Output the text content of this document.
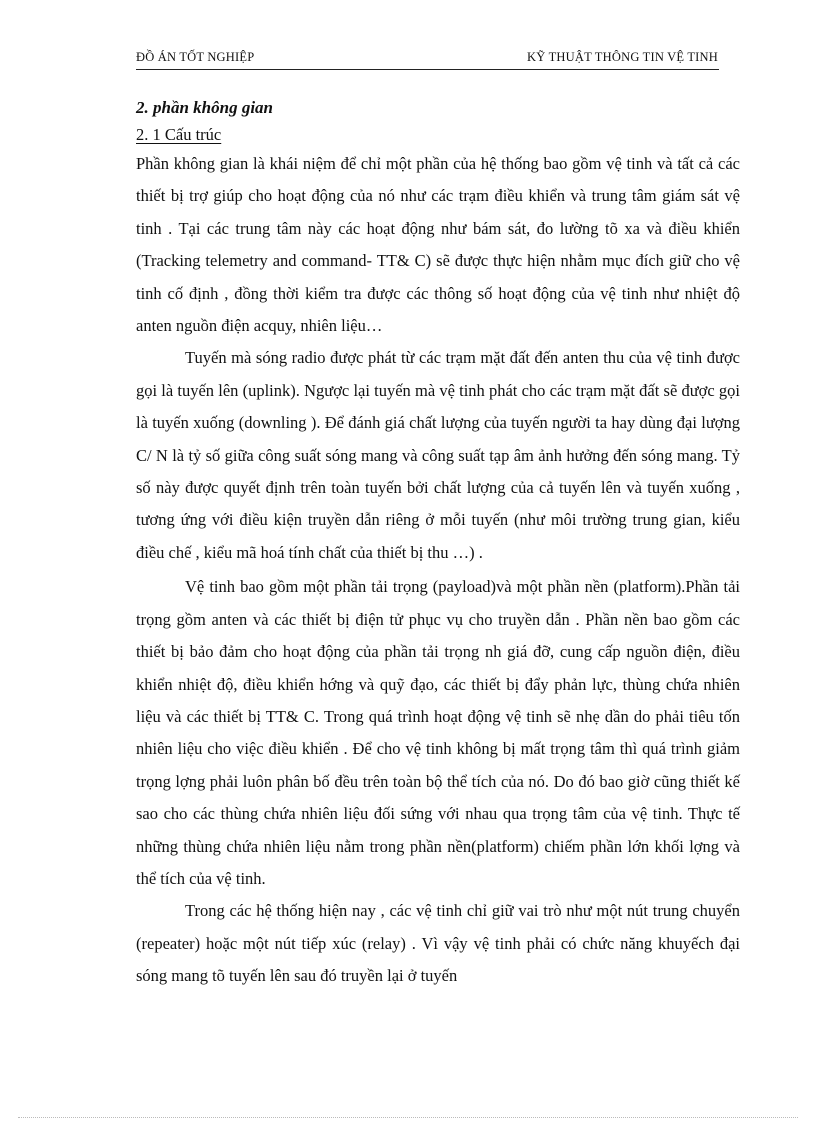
ĐỒ ÁN TỐT NGHIỆP	KỸ THUẬT THÔNG TIN VỆ TINH

2. phần không gian

2. 1 Cấu trúc

Phần không gian là khái niệm để chỉ một phần của hệ thống bao gồm vệ tinh và tất cả các thiết bị trợ giúp cho hoạt động của nó như các trạm điều khiển và trung tâm giám sát vệ tinh . Tại các trung tâm này các hoạt động như bám sát, đo lường tõ xa và điều khiển (Tracking telemetry and command- TT& C) sẽ được thực hiện nhằm mục đích giữ cho vệ tinh cố định , đồng thời kiểm tra được các thông số hoạt động của vệ tinh như nhiệt độ anten nguồn điện acquy, nhiên liệu…

Tuyến mà sóng radio được phát từ các trạm mặt đất đến anten thu của vệ tinh được gọi là tuyến lên (uplink). Ngược lại tuyến mà vệ tinh phát cho các trạm mặt đất sẽ được gọi là tuyến xuống (downling ). Để đánh giá chất lượng của tuyến người ta hay dùng đại lượng C/ N là tỷ số giữa công suất sóng mang và công suất tạp âm ảnh hưởng đến sóng mang. Tỷ số này được quyết định trên toàn tuyến bởi chất lượng của cả tuyến lên và tuyến xuống , tương ứng với điều kiện truyền dẫn riêng ở mỗi tuyến (như môi trường trung gian, kiểu điều chế , kiểu mã hoá tính chất của thiết bị thu …) .

Vệ tinh bao gồm một phần tải trọng (payload)và một phần nền (platform).Phần tải trọng gồm anten và các thiết bị điện tử phục vụ cho truyền dẫn . Phần nền bao gồm các thiết bị bảo đảm cho hoạt động của phần tải trọng nh giá đỡ, cung cấp nguồn điện, điều khiển nhiệt độ, điều khiển hớng và quỹ đạo, các thiết bị đẩy phản lực, thùng chứa nhiên liệu và các thiết bị TT& C. Trong quá trình hoạt động vệ tinh sẽ nhẹ dần do phải tiêu tốn nhiên liệu cho việc điều khiển . Để cho vệ tinh không bị mất trọng tâm thì quá trình giảm trọng lợng phải luôn phân bố đều trên toàn bộ thể tích của nó. Do đó bao giờ cũng thiết kế sao cho các thùng chứa nhiên liệu đối sứng với nhau qua trọng tâm của vệ tinh. Thực tế những thùng chứa nhiên liệu nằm trong phần nền(platform) chiếm phần lớn khối lợng và thể tích của vệ tinh.

Trong các hệ thống hiện nay , các vệ tinh chỉ giữ vai trò như một nút trung chuyển (repeater) hoặc một nút tiếp xúc (relay) . Vì vậy vệ tinh phải có chức năng khuyếch đại sóng mang tõ tuyến lên sau đó truyền lại ở tuyến
